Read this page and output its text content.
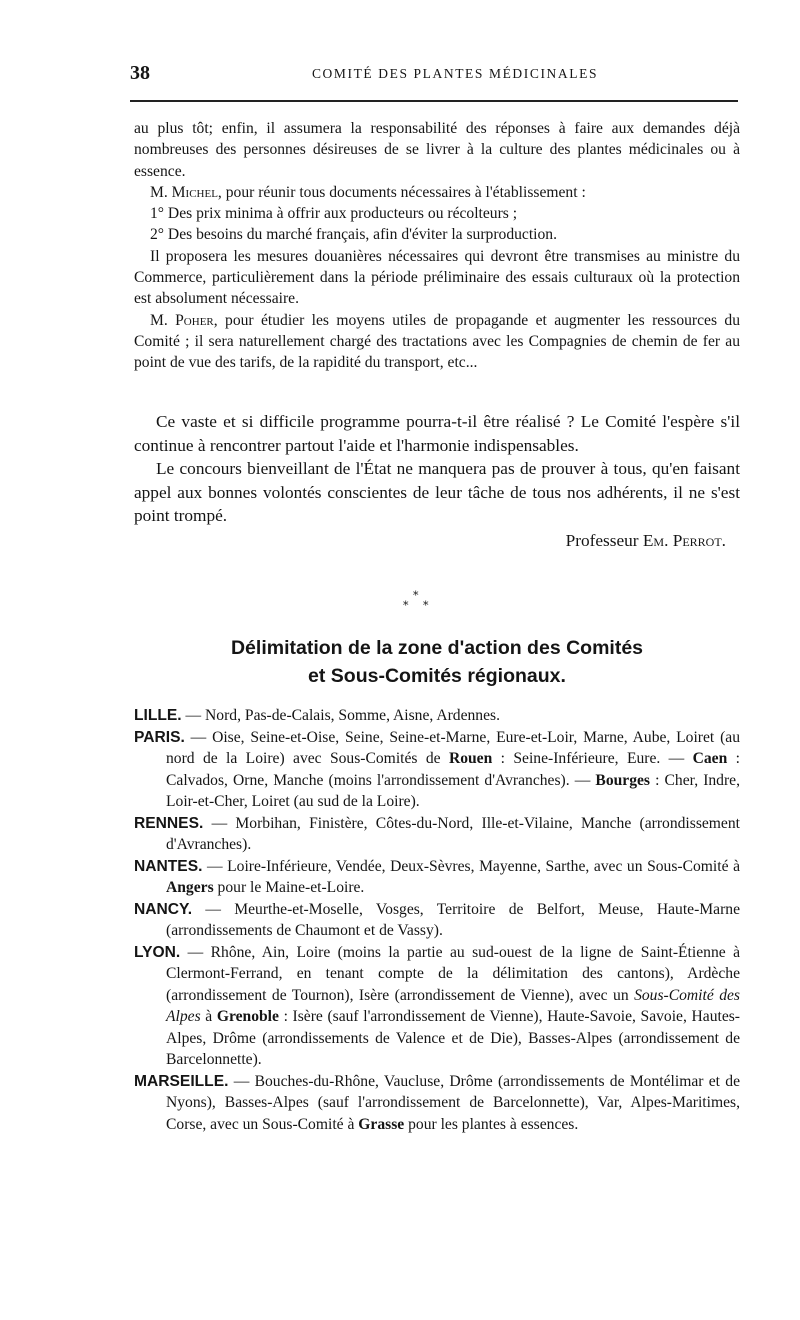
38	COMITÉ DES PLANTES MÉDICINALES

au plus tôt; enfin, il assumera la responsabilité des réponses à faire aux demandes déjà nombreuses des personnes désireuses de se livrer à la culture des plantes médicinales ou à essence.

M. Michel, pour réunir tous documents nécessaires à l'établissement :

1° Des prix minima à offrir aux producteurs ou récolteurs ;

2° Des besoins du marché français, afin d'éviter la surproduction.

Il proposera les mesures douanières nécessaires qui devront être transmises au ministre du Commerce, particulièrement dans la période préliminaire des essais culturaux où la protection est absolument nécessaire.

M. Poher, pour étudier les moyens utiles de propagande et augmenter les ressources du Comité ; il sera naturellement chargé des tractations avec les Compagnies de chemin de fer au point de vue des tarifs, de la rapidité du transport, etc...

Ce vaste et si difficile programme pourra-t-il être réalisé ? Le Comité l'espère s'il continue à rencontrer partout l'aide et l'harmonie indispensables.

Le concours bienveillant de l'État ne manquera pas de prouver à tous, qu'en faisant appel aux bonnes volontés conscientes de leur tâche de tous nos adhérents, il ne s'est point trompé.

Professeur Em. Perrot.

*
* *
Délimitation de la zone d'action des Comités
et Sous-Comités régionaux.

LILLE. — Nord, Pas-de-Calais, Somme, Aisne, Ardennes.

PARIS. — Oise, Seine-et-Oise, Seine, Seine-et-Marne, Eure-et-Loir, Marne, Aube, Loiret (au nord de la Loire) avec Sous-Comités de Rouen : Seine-Inférieure, Eure. — Caen : Calvados, Orne, Manche (moins l'arrondissement d'Avranches). — Bourges : Cher, Indre, Loir-et-Cher, Loiret (au sud de la Loire).

RENNES. — Morbihan, Finistère, Côtes-du-Nord, Ille-et-Vilaine, Manche (arrondissement d'Avranches).

NANTES. — Loire-Inférieure, Vendée, Deux-Sèvres, Mayenne, Sarthe, avec un Sous-Comité à Angers pour le Maine-et-Loire.

NANCY. — Meurthe-et-Moselle, Vosges, Territoire de Belfort, Meuse, Haute-Marne (arrondissements de Chaumont et de Vassy).

LYON. — Rhône, Ain, Loire (moins la partie au sud-ouest de la ligne de Saint-Étienne à Clermont-Ferrand, en tenant compte de la délimitation des cantons), Ardèche (arrondissement de Tournon), Isère (arrondissement de Vienne), avec un Sous-Comité des Alpes à Grenoble : Isère (sauf l'arrondissement de Vienne), Haute-Savoie, Savoie, Hautes-Alpes, Drôme (arrondissements de Valence et de Die), Basses-Alpes (arrondissement de Barcelonnette).

MARSEILLE. — Bouches-du-Rhône, Vaucluse, Drôme (arrondissements de Montélimar et de Nyons), Basses-Alpes (sauf l'arrondissement de Barcelonnette), Var, Alpes-Maritimes, Corse, avec un Sous-Comité à Grasse pour les plantes à essences.
